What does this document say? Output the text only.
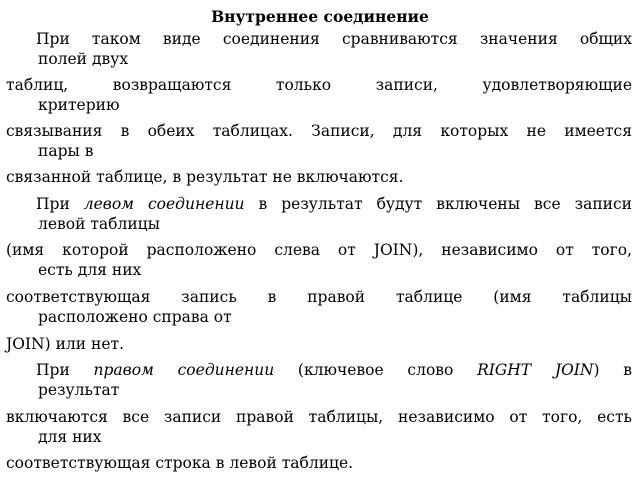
Внутреннее соединение
При таком виде соединения сравниваются значения общих
полей двух
таблиц, возвращаются только записи, удовлетворяющие
критерию
связывания в обеих таблицах. Записи, для которых не имеется
пары в
связанной таблице, в результат не включаются.
При левом соединении в результат будут включены все записи
левой таблицы
(имя которой расположено слева от JOIN), независимо от того,
есть для них
соответствующая запись в правой таблице (имя таблицы
расположено справа от
JOIN) или нет.
При правом соединении (ключевое слово RIGHT JOIN) в
результат
включаются все записи правой таблицы, независимо от того, есть
для них
соответствующая строка в левой таблице.
